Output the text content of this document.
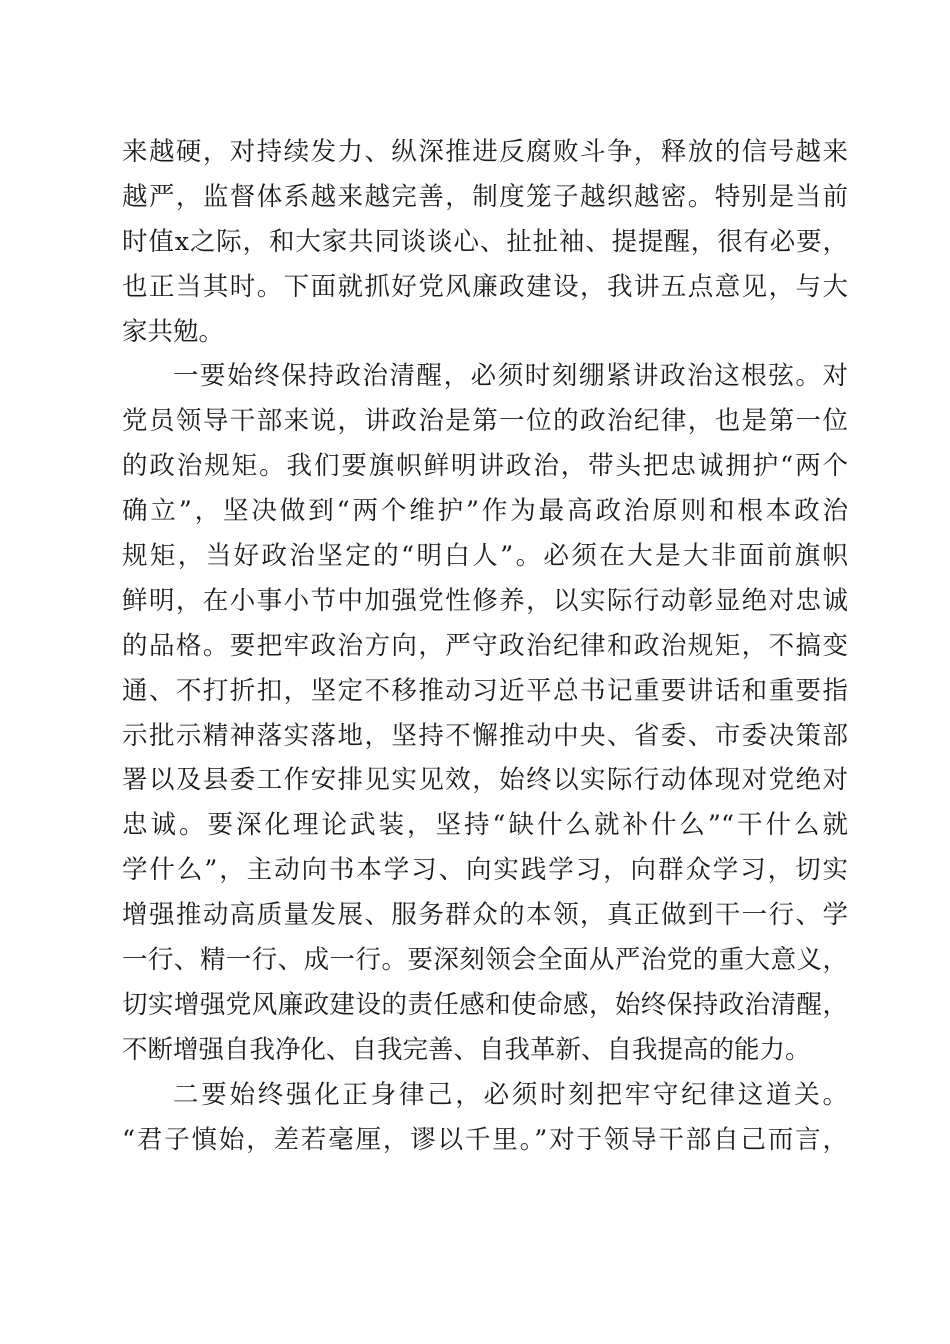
来越硬，对持续发力、纵深推进反腐败斗争，释放的信号越来
越严，监督体系越来越完善，制度笼子越织越密。特别是当前
时值x之际，和大家共同谈谈心、扯扯袖、提提醒，很有必要，
也正当其时。下面就抓好党风廉政建设，我讲五点意见，与大
家共勉。
一要始终保持政治清醒，必须时刻绷紧讲政治这根弦。对
党员领导干部来说，讲政治是第一位的政治纪律，也是第一位
的政治规矩。我们要旗帜鲜明讲政治，带头把忠诚拥护“两个
确立”，坚决做到“两个维护”作为最高政治原则和根本政治
规矩，当好政治坚定的“明白人”。必须在大是大非面前旗帜
鲜明，在小事小节中加强党性修养，以实际行动彰显绝对忠诚
的品格。要把牢政治方向，严守政治纪律和政治规矩，不搞变
通、不打折扣，坚定不移推动习近平总书记重要讲话和重要指
示批示精神落实落地，坚持不懈推动中央、省委、市委决策部
署以及县委工作安排见实见效，始终以实际行动体现对党绝对
忠诚。要深化理论武装，坚持“缺什么就补什么”“干什么就
学什么”，主动向书本学习、向实践学习，向群众学习，切实
增强推动高质量发展、服务群众的本领，真正做到干一行、学
一行、精一行、成一行。要深刻领会全面从严治党的重大意义，
切实增强党风廉政建设的责任感和使命感，始终保持政治清醒，
不断增强自我净化、自我完善、自我革新、自我提高的能力。
二要始终强化正身律己，必须时刻把牢守纪律这道关。
“君子慎始，差若毫厘，谬以千里。”对于领导干部自己而言，
